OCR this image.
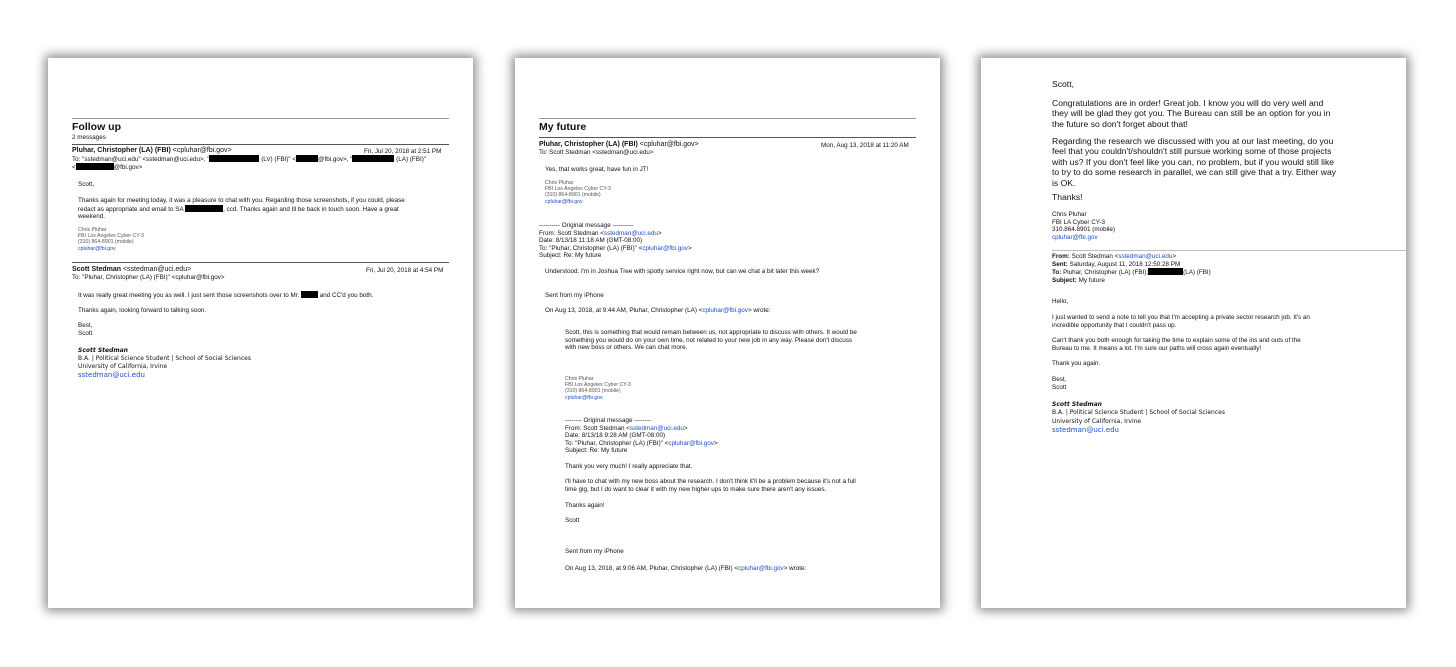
Follow up
2 messages
Pluhar, Christopher (LA) (FBI) <cpluhar@fbi.gov>	Fri, Jul 20, 2018 at 2:51 PM
To: "sstedman@uci.edu" <sstedman@uci.edu>, "	(LV) (FBI)" <	@fbi.gov>, "	(LA) (FBI)"
<	@fbi.gov>
Scott,
Thanks again for meeting today, it was a pleasure to chat with you. Regarding those screenshots, if you could, please
redact as appropriate and email to SA	, ccd. Thanks again and Ill be back in touch soon. Have a great
weekend.
Chris Pluhar
FBI Los Angeles Cyber CY-3
(310) 864-8901 (mobile)
cpluhar@fbi.gov
Scott Stedman <sstedman@uci.edu>	Fri, Jul 20, 2018 at 4:54 PM
To: "Pluhar, Christopher (LA) (FBI)" <cpluhar@fbi.gov>
It was really great meeting you as well. I just sent those screenshots over to Mr.	and CC'd you both.
Thanks again, looking forward to talking soon.
Best,
Scott
Scott Stedman
B.A. | Political Science Student | School of Social Sciences
University of California, Irvine
sstedman@uci.edu
My future
Pluhar, Christopher (LA) (FBI) <cpluhar@fbi.gov>	Mon, Aug 13, 2018 at 11:20 AM
To: Scott Stedman <sstedman@uci.edu>
Yes, that works great, have fun in JT!
Chris Pluhar
FBI Los Angeles Cyber CY-3
(310) 864-8901 (mobile)
cpluhar@fbi.gov
---------- Original message ----------
From: Scott Stedman <sstedman@uci.edu>
Date: 8/13/18 11:18 AM (GMT-08:00)
To: "Pluhar, Christopher (LA) (FBI)" <cpluhar@fbi.gov>
Subject: Re: My future
Understood. I'm in Joshua Tree with spotty service right now, but can we chat a bit later this week?
Sent from my iPhone
On Aug 13, 2018, at 9:44 AM, Pluhar, Christopher (LA) <cpluhar@fbi.gov> wrote:
Scott, this is something that would remain between us, not appropriate to discuss with others. It would be
something you would do on your own time, not related to your new job in any way. Please don't discuss
with new boss or others. We can chat more.
Chris Pluhar
FBI Los Angeles Cyber CY-3
(310) 864-8901 (mobile)
cpluhar@fbi.gov
-------- Original message --------
From: Scott Stedman <sstedman@uci.edu>
Date: 8/13/18 9:28 AM (GMT-08:00)
To: "Pluhar, Christopher (LA) (FBI)" <cpluhar@fbi.gov>
Subject: Re: My future
Thank you very much! I really appreciate that.
I'll have to chat with my new boss about the research. I don't think it'll be a problem because it's not a full
time gig, but I do want to clear it with my new higher ups to make sure there aren't any issues.
Thanks again!
Scott
Sent from my iPhone
On Aug 13, 2018, at 9:06 AM, Pluhar, Christopher (LA) (FBI) <cpluhar@fbi.gov> wrote:
Scott,
Congratulations are in order! Great job. I know you will do very well and
they will be glad they got you. The Bureau can still be an option for you in
the future so don't forget about that!
Regarding the research we discussed with you at our last meeting, do you
feel that you couldn't/shouldn't still pursue working some of those projects
with us? If you don't feel like you can, no problem, but if you would still like
to try to do some research in parallel, we can still give that a try. Either way
is OK.
Thanks!
Chris Pluhar
FBI LA Cyber CY-3
310.864.8901 (mobile)
cpluhar@fbi.gov
From: Scott Stedman <sstedman@uci.edu>
Sent: Saturday, August 11, 2018 12:50:28 PM
To: Pluhar, Christopher (LA) (FBI);	(LA) (FBI)
Subject: My future
Hello,
I just wanted to send a note to tell you that I'm accepting a private sector research job. It's an
incredible opportunity that I couldn't pass up.
Can't thank you both enough for taking the time to explain some of the ins and outs of the
Bureau to me. It means a lot. I'm sure our paths will cross again eventually!
Thank you again.
Best,
Scott
Scott Stedman
B.A. | Political Science Student | School of Social Sciences
University of California, Irvine
sstedman@uci.edu
